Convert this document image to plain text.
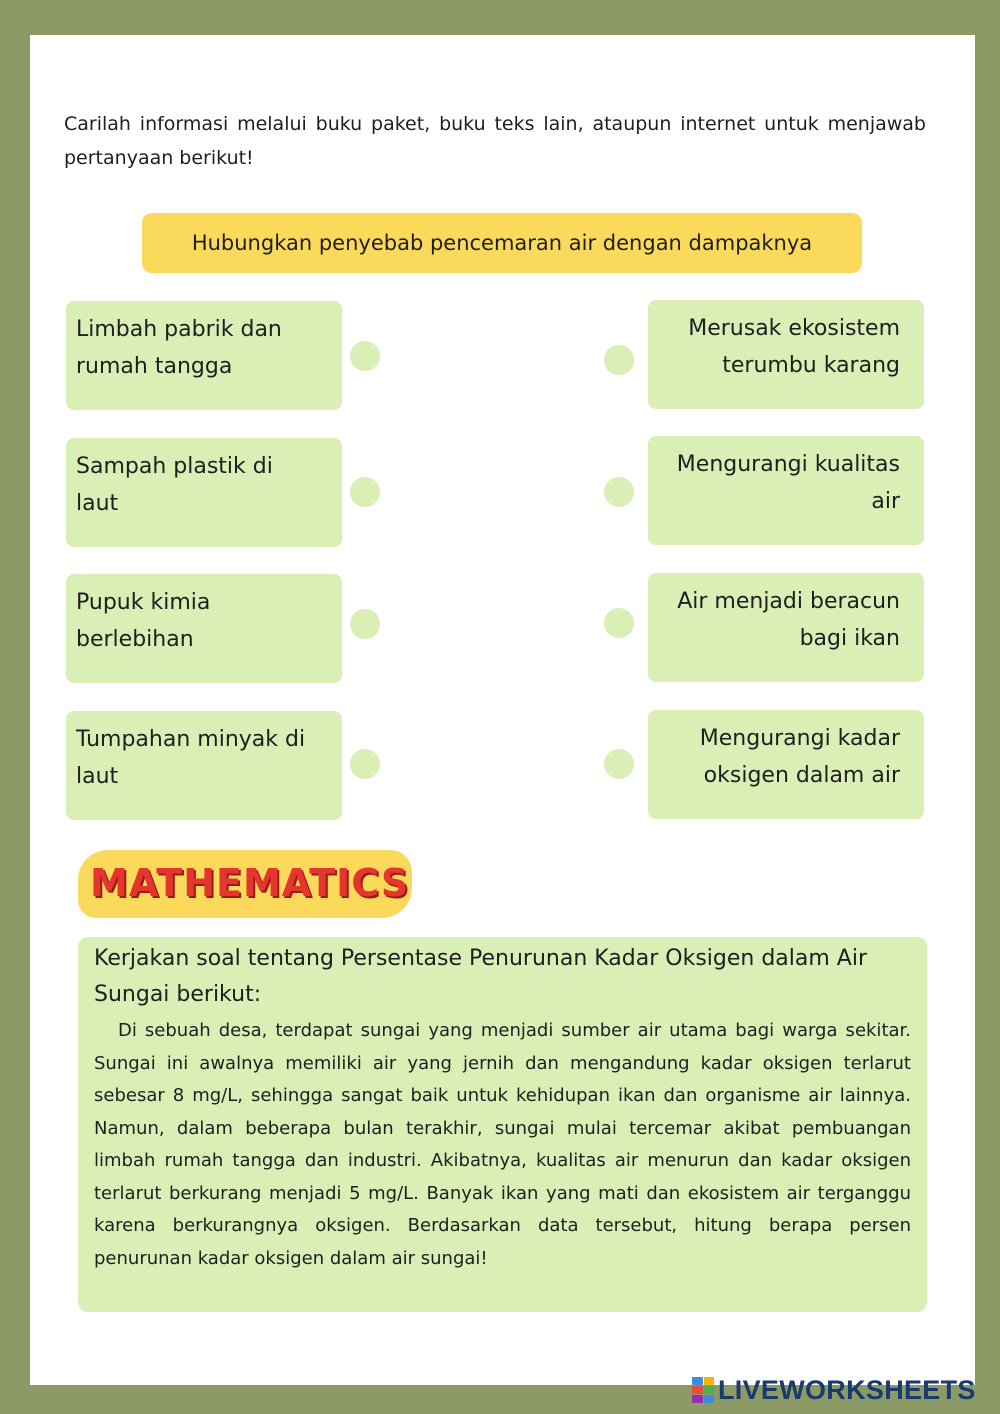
Carilah informasi melalui buku paket, buku teks lain, ataupun internet untuk menjawab pertanyaan berikut!
Hubungkan penyebab pencemaran air dengan dampaknya
Limbah pabrik dan rumah tangga
Sampah plastik di laut
Pupuk kimia berlebihan
Tumpahan minyak di laut
Merusak ekosistem terumbu karang
Mengurangi kualitas air
Air menjadi beracun bagi ikan
Mengurangi kadar oksigen dalam air
MATHEMATICS
Kerjakan soal tentang Persentase Penurunan Kadar Oksigen dalam Air Sungai berikut:
Di sebuah desa, terdapat sungai yang menjadi sumber air utama bagi warga sekitar. Sungai ini awalnya memiliki air yang jernih dan mengandung kadar oksigen terlarut sebesar 8 mg/L, sehingga sangat baik untuk kehidupan ikan dan organisme air lainnya. Namun, dalam beberapa bulan terakhir, sungai mulai tercemar akibat pembuangan limbah rumah tangga dan industri. Akibatnya, kualitas air menurun dan kadar oksigen terlarut berkurang menjadi 5 mg/L. Banyak ikan yang mati dan ekosistem air terganggu karena berkurangnya oksigen. Berdasarkan data tersebut, hitung berapa persen penurunan kadar oksigen dalam air sungai!
LIVEWORKSHEETS
